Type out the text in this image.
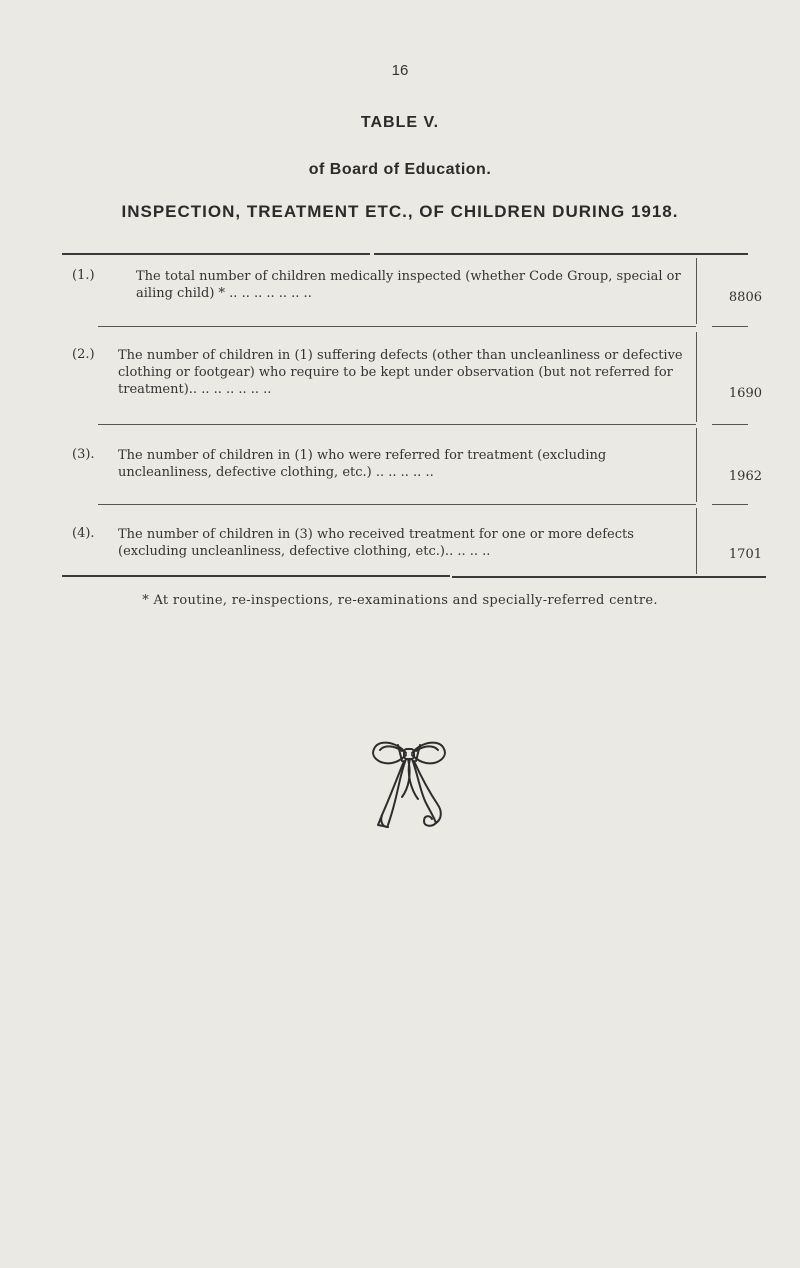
16
TABLE V.
of Board of Education.
INSPECTION, TREATMENT ETC., OF CHILDREN DURING 1918.
(1.)	The total number of children medically inspected (whether Code Group, special or ailing child) * .. .. .. .. .. .. ..	8806
(2.) The number of children in (1) suffering defects (other than uncleanliness or defective clothing or footgear) who require to be kept under observation (but not referred for treatment).. .. .. .. .. .. ..	1690
(3). The number of children in (1) who were referred for treatment (excluding uncleanliness, defective clothing, etc.) .. .. .. .. ..	1962
(4). The number of children in (3) who received treatment for one or more defects (excluding uncleanliness, defective clothing, etc.).. .. .. ..	1701
* At routine, re-inspections, re-examinations and specially-referred centre.
